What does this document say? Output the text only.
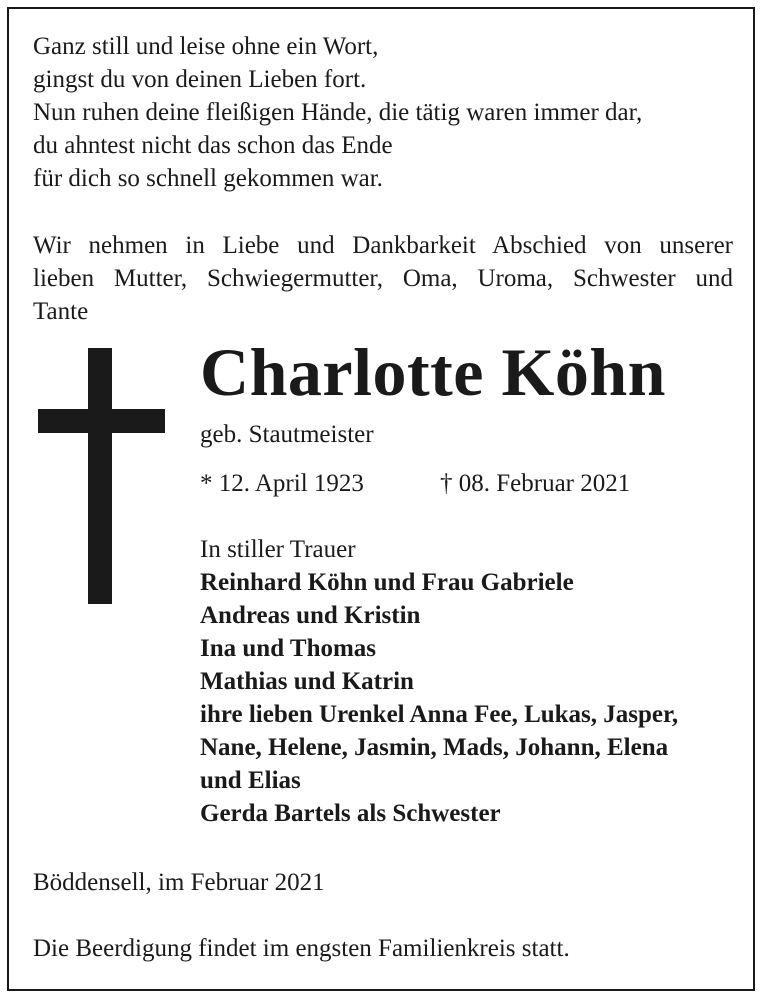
Ganz still und leise ohne ein Wort,
gingst du von deinen Lieben fort.
Nun ruhen deine fleißigen Hände, die tätig waren immer dar,
du ahntest nicht das schon das Ende
für dich so schnell gekommen war.
Wir nehmen in Liebe und Dankbarkeit Abschied von unserer
lieben Mutter, Schwiegermutter, Oma, Uroma, Schwester und
Tante
Charlotte Köhn
geb. Stautmeister
* 12. April 1923	† 08. Februar 2021
In stiller Trauer
Reinhard Köhn und Frau Gabriele
Andreas und Kristin
Ina und Thomas
Mathias und Katrin
ihre lieben Urenkel Anna Fee, Lukas, Jasper,
Nane, Helene, Jasmin, Mads, Johann, Elena
und Elias
Gerda Bartels als Schwester
Böddensell, im Februar 2021
Die Beerdigung findet im engsten Familienkreis statt.
